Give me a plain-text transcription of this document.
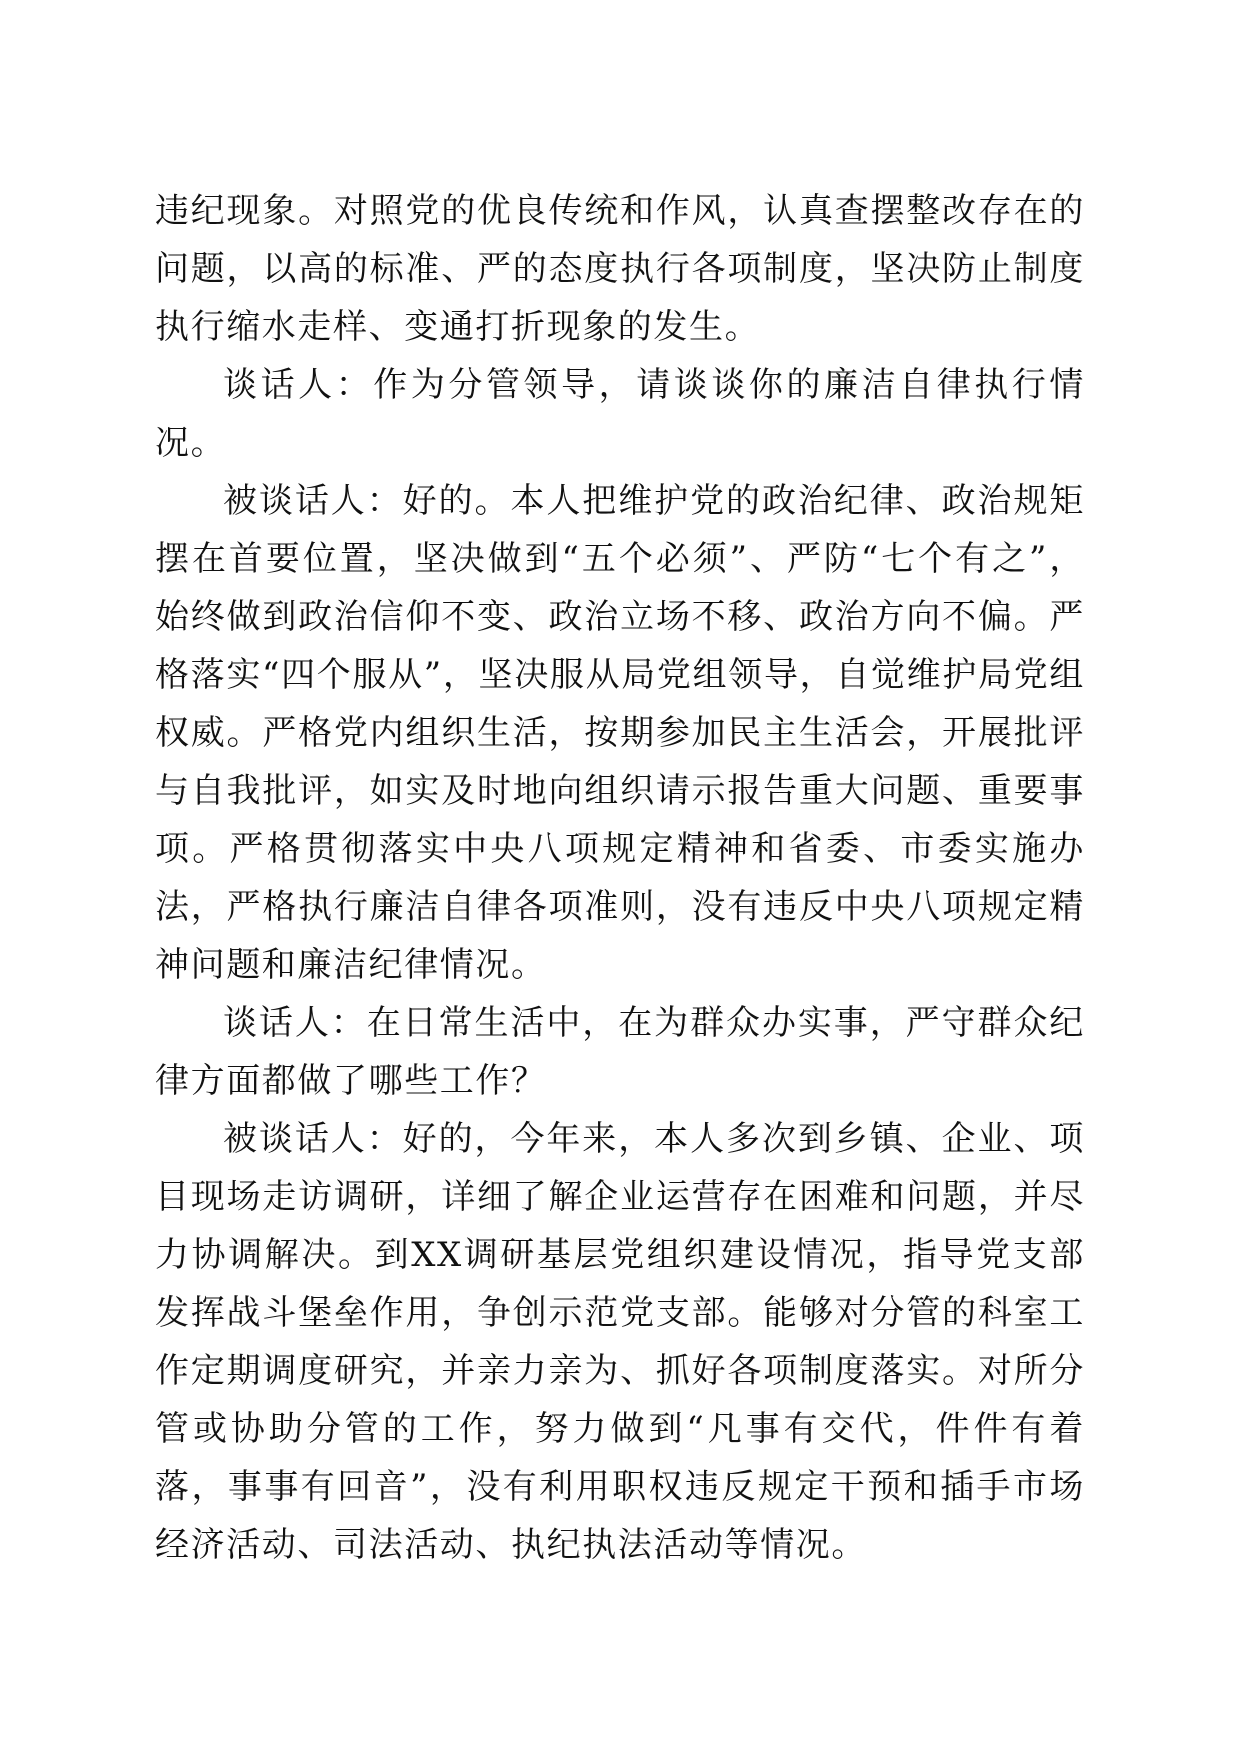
违纪现象。对照党的优良传统和作风，认真查摆整改存在的问题，以高的标准、严的态度执行各项制度，坚决防止制度执行缩水走样、变通打折现象的发生。

谈话人：作为分管领导，请谈谈你的廉洁自律执行情况。

被谈话人：好的。本人把维护党的政治纪律、政治规矩摆在首要位置，坚决做到“五个必须”、严防“七个有之”，始终做到政治信仰不变、政治立场不移、政治方向不偏。严格落实“四个服从”，坚决服从局党组领导，自觉维护局党组权威。严格党内组织生活，按期参加民主生活会，开展批评与自我批评，如实及时地向组织请示报告重大问题、重要事项。严格贯彻落实中央八项规定精神和省委、市委实施办法，严格执行廉洁自律各项准则，没有违反中央八项规定精神问题和廉洁纪律情况。

谈话人：在日常生活中，在为群众办实事，严守群众纪律方面都做了哪些工作？

被谈话人：好的，今年来，本人多次到乡镇、企业、项目现场走访调研，详细了解企业运营存在困难和问题，并尽力协调解决。到XX调研基层党组织建设情况，指导党支部发挥战斗堡垒作用，争创示范党支部。能够对分管的科室工作定期调度研究，并亲力亲为、抓好各项制度落实。对所分管或协助分管的工作，努力做到“凡事有交代，件件有着落，事事有回音”，没有利用职权违反规定干预和插手市场经济活动、司法活动、执纪执法活动等情况。
